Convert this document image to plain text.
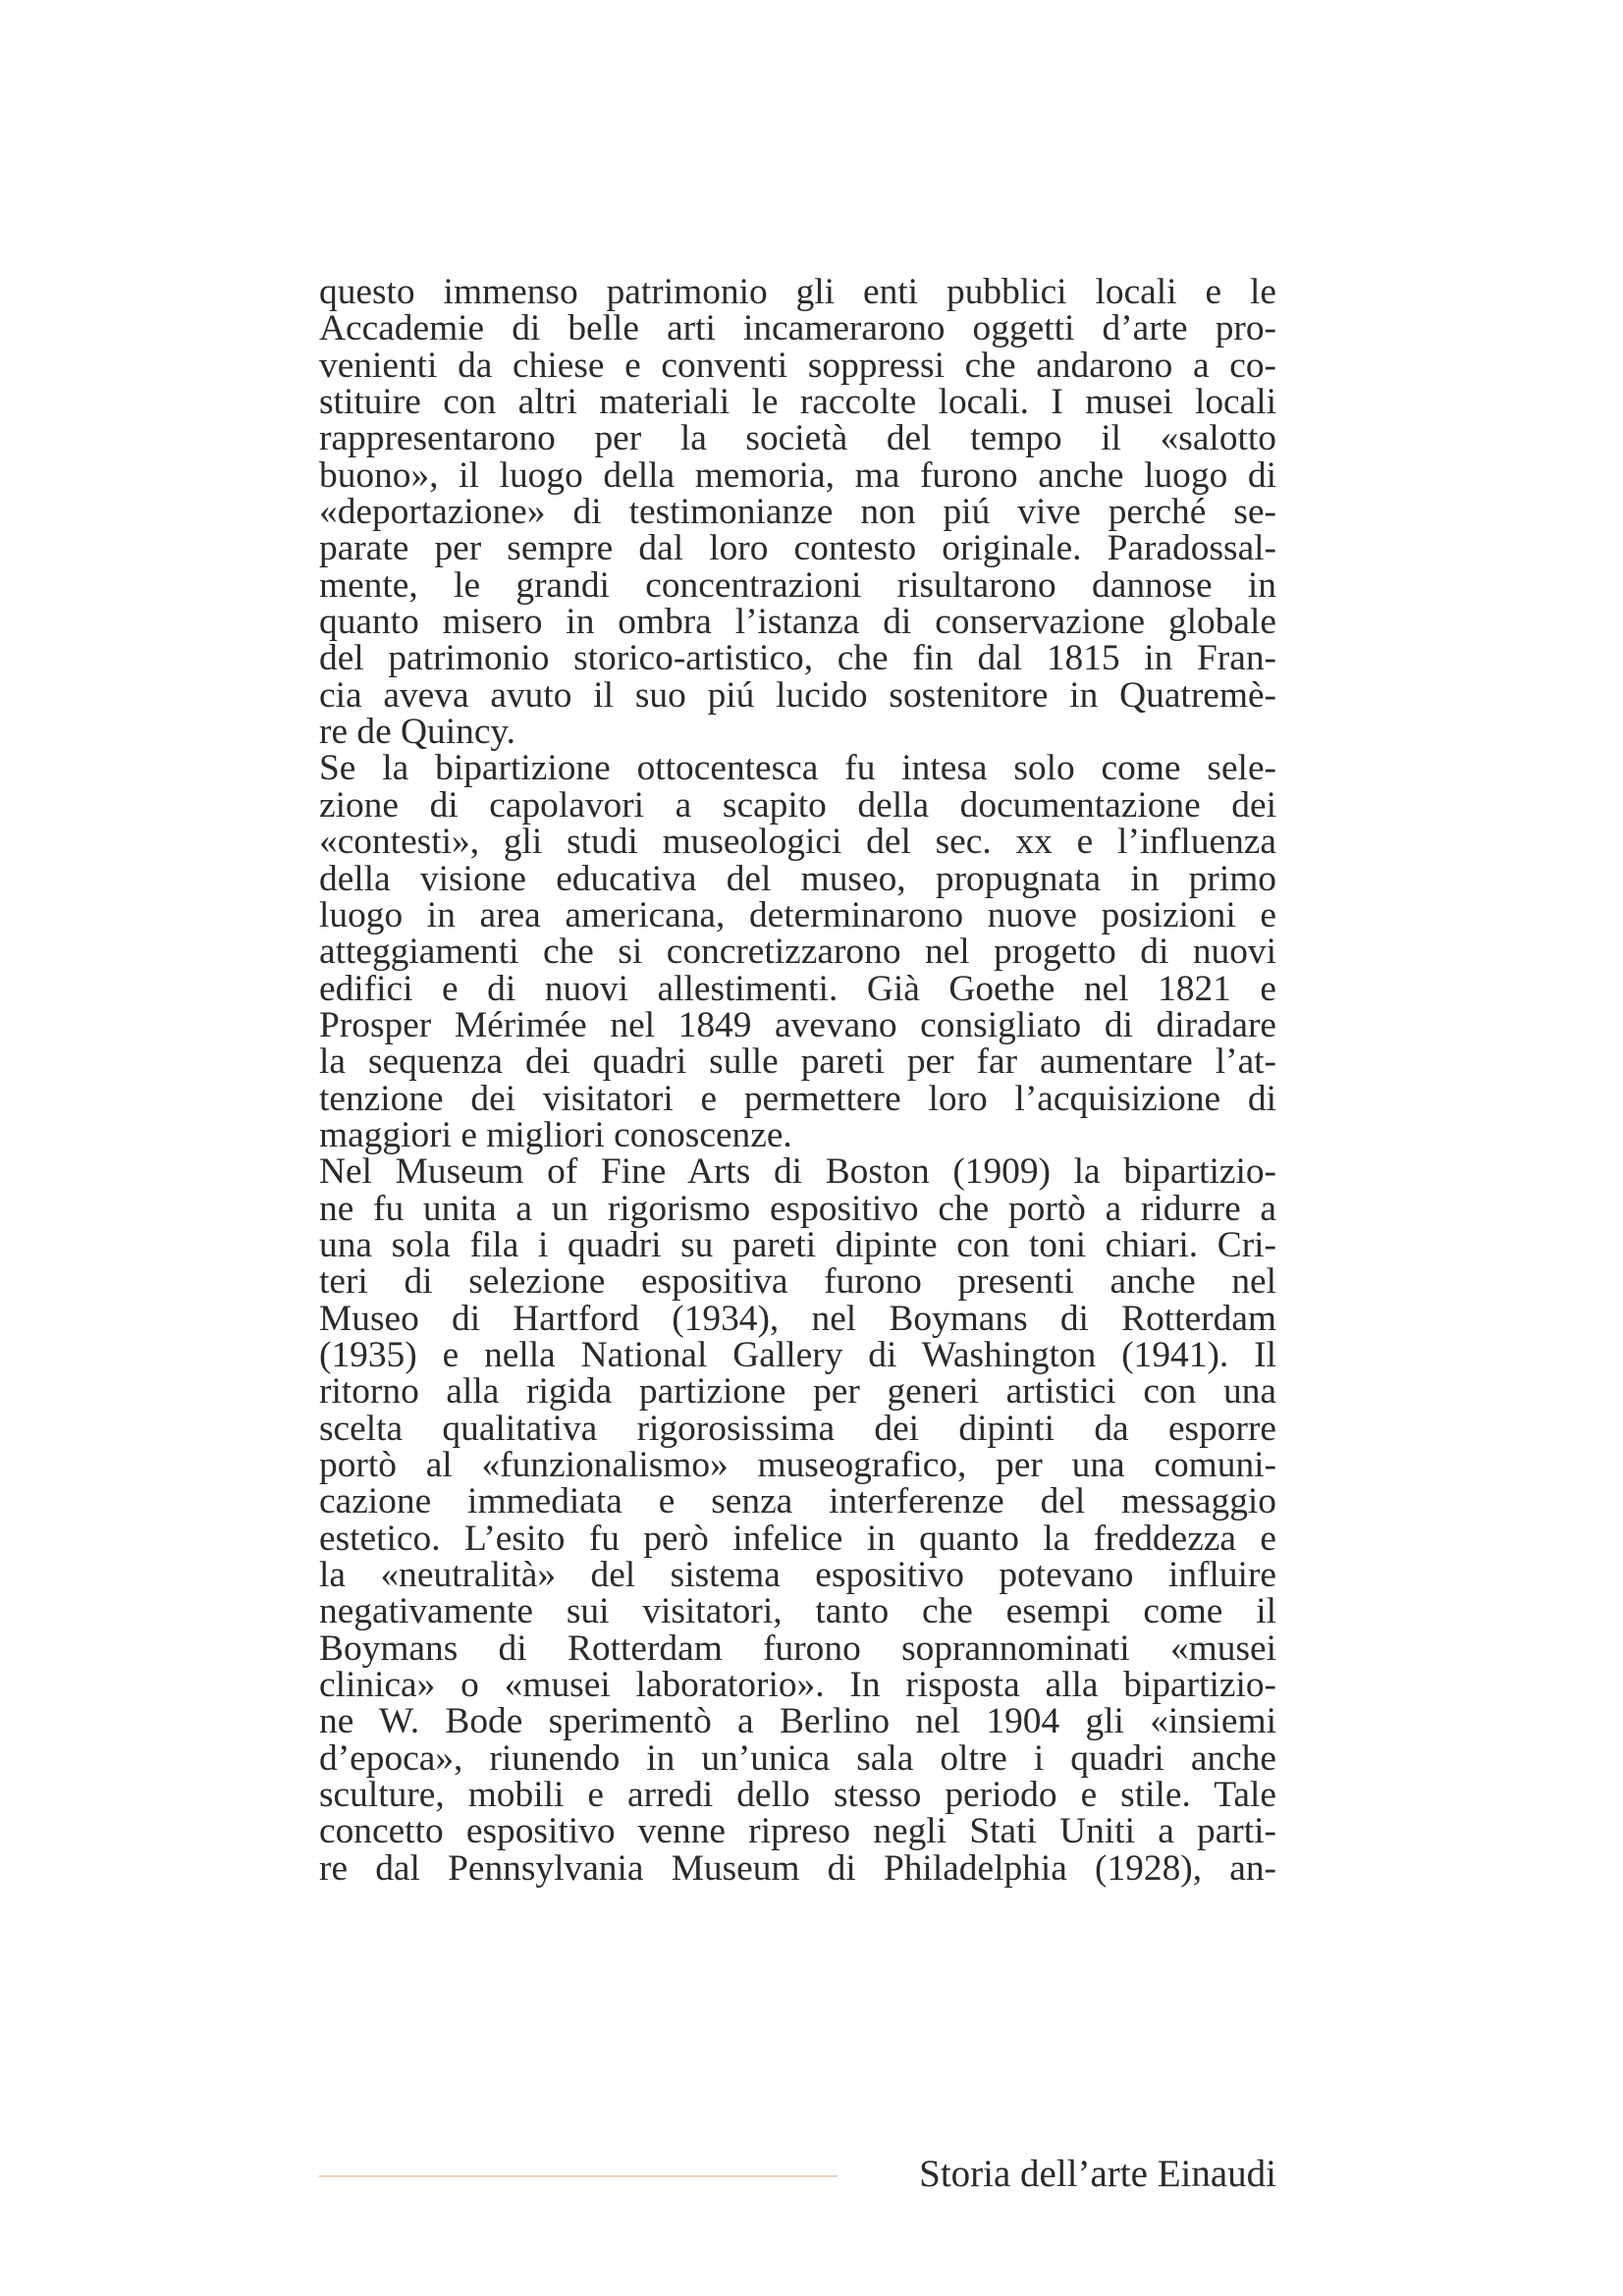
questo immenso patrimonio gli enti pubblici locali e le
Accademie di belle arti incamerarono oggetti d’arte pro-
venienti da chiese e conventi soppressi che andarono a co-
stituire con altri materiali le raccolte locali. I musei locali
rappresentarono per la società del tempo il «salotto
buono», il luogo della memoria, ma furono anche luogo di
«deportazione» di testimonianze non piú vive perché se-
parate per sempre dal loro contesto originale. Paradossal-
mente, le grandi concentrazioni risultarono dannose in
quanto misero in ombra l’istanza di conservazione globale
del patrimonio storico-artistico, che fin dal 1815 in Fran-
cia aveva avuto il suo piú lucido sostenitore in Quatremè-
re de Quincy.
Se la bipartizione ottocentesca fu intesa solo come sele-
zione di capolavori a scapito della documentazione dei
«contesti», gli studi museologici del sec. xx e l’influenza
della visione educativa del museo, propugnata in primo
luogo in area americana, determinarono nuove posizioni e
atteggiamenti che si concretizzarono nel progetto di nuovi
edifici e di nuovi allestimenti. Già Goethe nel 1821 e
Prosper Mérimée nel 1849 avevano consigliato di diradare
la sequenza dei quadri sulle pareti per far aumentare l’at-
tenzione dei visitatori e permettere loro l’acquisizione di
maggiori e migliori conoscenze.
Nel Museum of Fine Arts di Boston (1909) la bipartizio-
ne fu unita a un rigorismo espositivo che portò a ridurre a
una sola fila i quadri su pareti dipinte con toni chiari. Cri-
teri di selezione espositiva furono presenti anche nel
Museo di Hartford (1934), nel Boymans di Rotterdam
(1935) e nella National Gallery di Washington (1941). Il
ritorno alla rigida partizione per generi artistici con una
scelta qualitativa rigorosissima dei dipinti da esporre
portò al «funzionalismo» museografico, per una comuni-
cazione immediata e senza interferenze del messaggio
estetico. L’esito fu però infelice in quanto la freddezza e
la «neutralità» del sistema espositivo potevano influire
negativamente sui visitatori, tanto che esempi come il
Boymans di Rotterdam furono soprannominati «musei
clinica» o «musei laboratorio». In risposta alla bipartizio-
ne W. Bode sperimentò a Berlino nel 1904 gli «insiemi
d’epoca», riunendo in un’unica sala oltre i quadri anche
sculture, mobili e arredi dello stesso periodo e stile. Tale
concetto espositivo venne ripreso negli Stati Uniti a parti-
re dal Pennsylvania Museum di Philadelphia (1928), an-
Storia dell’arte Einaudi
